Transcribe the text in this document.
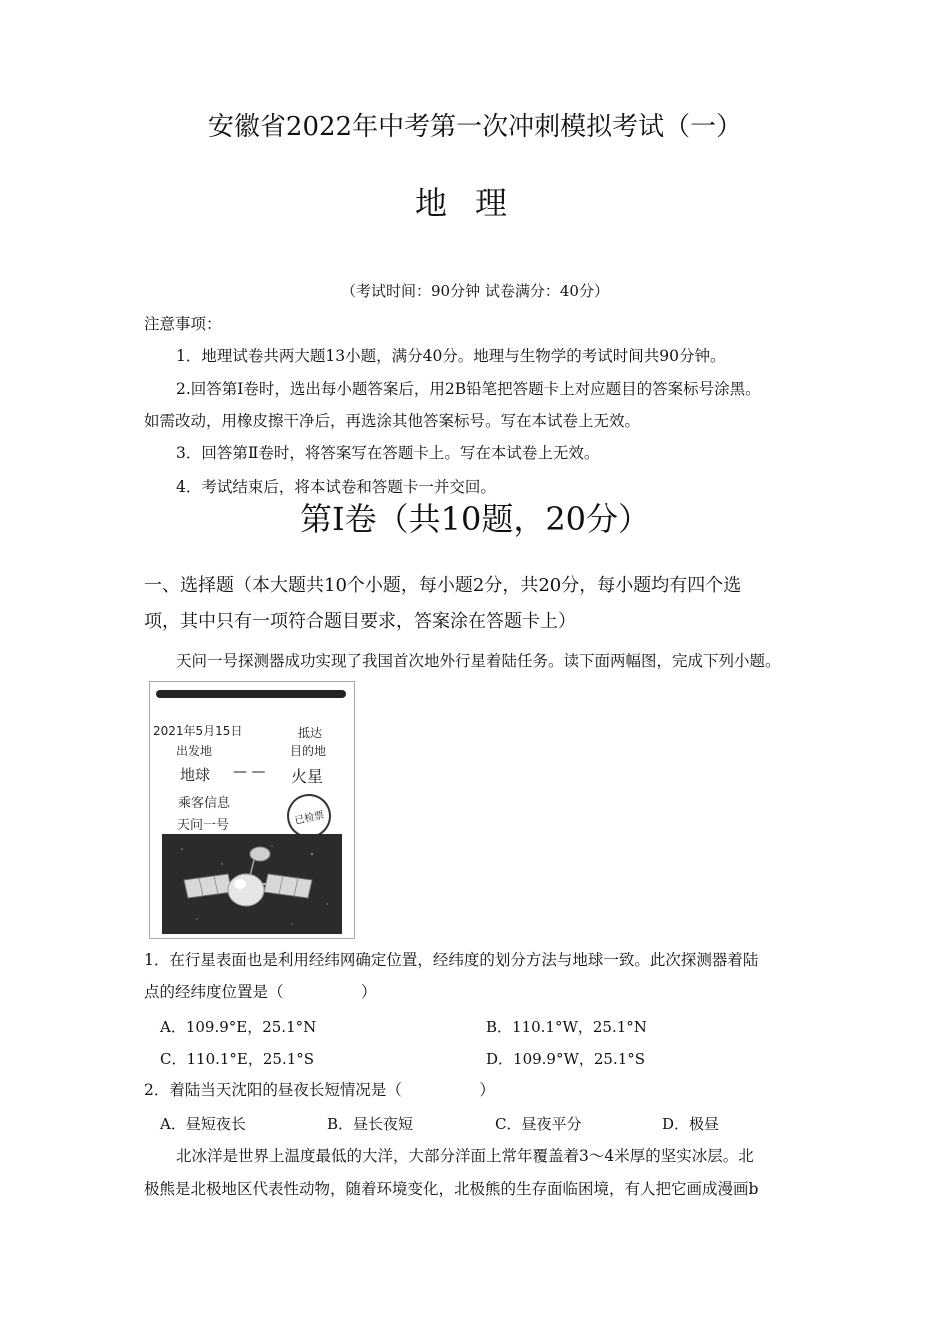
安徽省2022年中考第一次冲刺模拟考试（一）
地理
（考试时间：90分钟 试卷满分：40分）
注意事项：
1．地理试卷共两大题13小题，满分40分。地理与生物学的考试时间共90分钟。
2.回答第Ⅰ卷时，选出每小题答案后，用2B铅笔把答题卡上对应题目的答案标号涂黑。
如需改动，用橡皮擦干净后，再选涂其他答案标号。写在本试卷上无效。
3．回答第Ⅱ卷时，将答案写在答题卡上。写在本试卷上无效。
4．考试结束后，将本试卷和答题卡一并交回。
第Ⅰ卷（共10题，20分）
一、选择题（本大题共10个小题，每小题2分，共20分，每小题均有四个选
项，其中只有一项符合题目要求，答案涂在答题卡上）
天问一号探测器成功实现了我国首次地外行星着陆任务。读下面两幅图，完成下列小题。
2021年5月15日
出发地
抵达
目的地
地球 — — 火星
乘客信息
天问一号	已检票
1．在行星表面也是利用经纬网确定位置，经纬度的划分方法与地球一致。此次探测器着陆
点的经纬度位置是（　　　　　）
A．109.9°E，25.1°N	B．110.1°W，25.1°N
C．110.1°E，25.1°S	D．109.9°W，25.1°S
2．着陆当天沈阳的昼夜长短情况是（　　　　　）
A．昼短夜长	B．昼长夜短	C．昼夜平分	D．极昼
北冰洋是世界上温度最低的大洋，大部分洋面上常年覆盖着3～4米厚的坚实冰层。北
极熊是北极地区代表性动物，随着环境变化，北极熊的生存面临困境，有人把它画成漫画b
